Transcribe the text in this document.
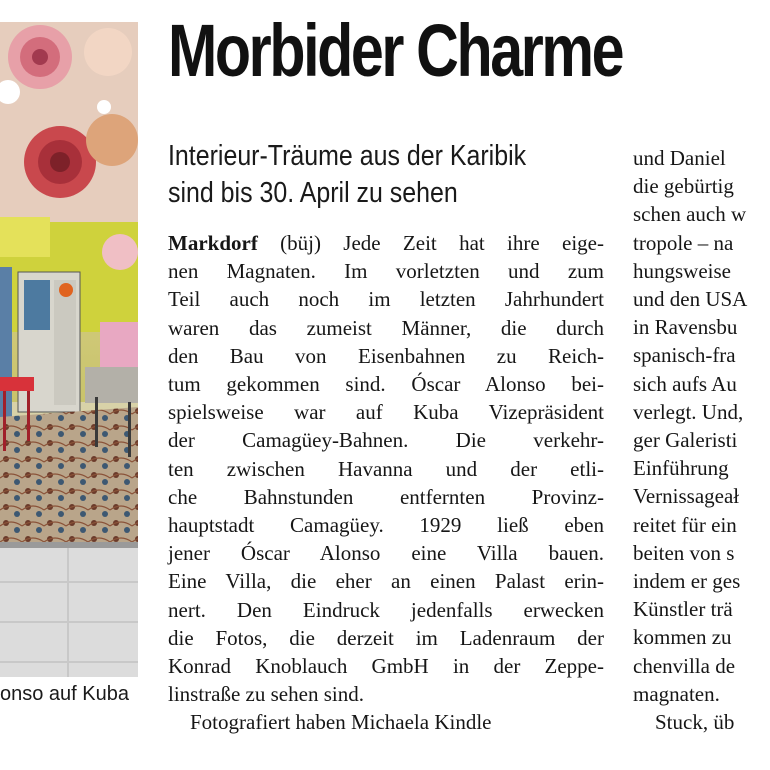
onso auf Kuba
Morbider Charme
Interieur-Träume aus der Karibik
sind bis 30. April zu sehen
Markdorf (büj) Jede Zeit hat ihre eige-
nen Magnaten. Im vorletzten und zum
Teil auch noch im letzten Jahrhundert
waren das zumeist Männer, die durch
den Bau von Eisenbahnen zu Reich-
tum gekommen sind. Óscar Alonso bei-
spielsweise war auf Kuba Vizepräsident
der Camagüey-Bahnen. Die verkehr-
ten zwischen Havanna und der etli-
che Bahnstunden entfernten Provinz-
hauptstadt Camagüey. 1929 ließ eben
jener Óscar Alonso eine Villa bauen.
Eine Villa, die eher an einen Palast erin-
nert. Den Eindruck jedenfalls erwecken
die Fotos, die derzeit im Ladenraum der
Konrad Knoblauch GmbH in der Zeppe-
linstraße zu sehen sind.
Fotografiert haben Michaela Kindle
und Daniel
die gebürtig
schen auch w
tropole – na
hungsweise
und den USA
in Ravensbu
spanisch-fra
sich aufs Au
verlegt. Und,
ger Galeristi
Einführung
Vernissageał
reitet für ein
beiten von s
indem er ges
Künstler trä
kommen zu
chenvilla de
magnaten.
Stuck, üb
